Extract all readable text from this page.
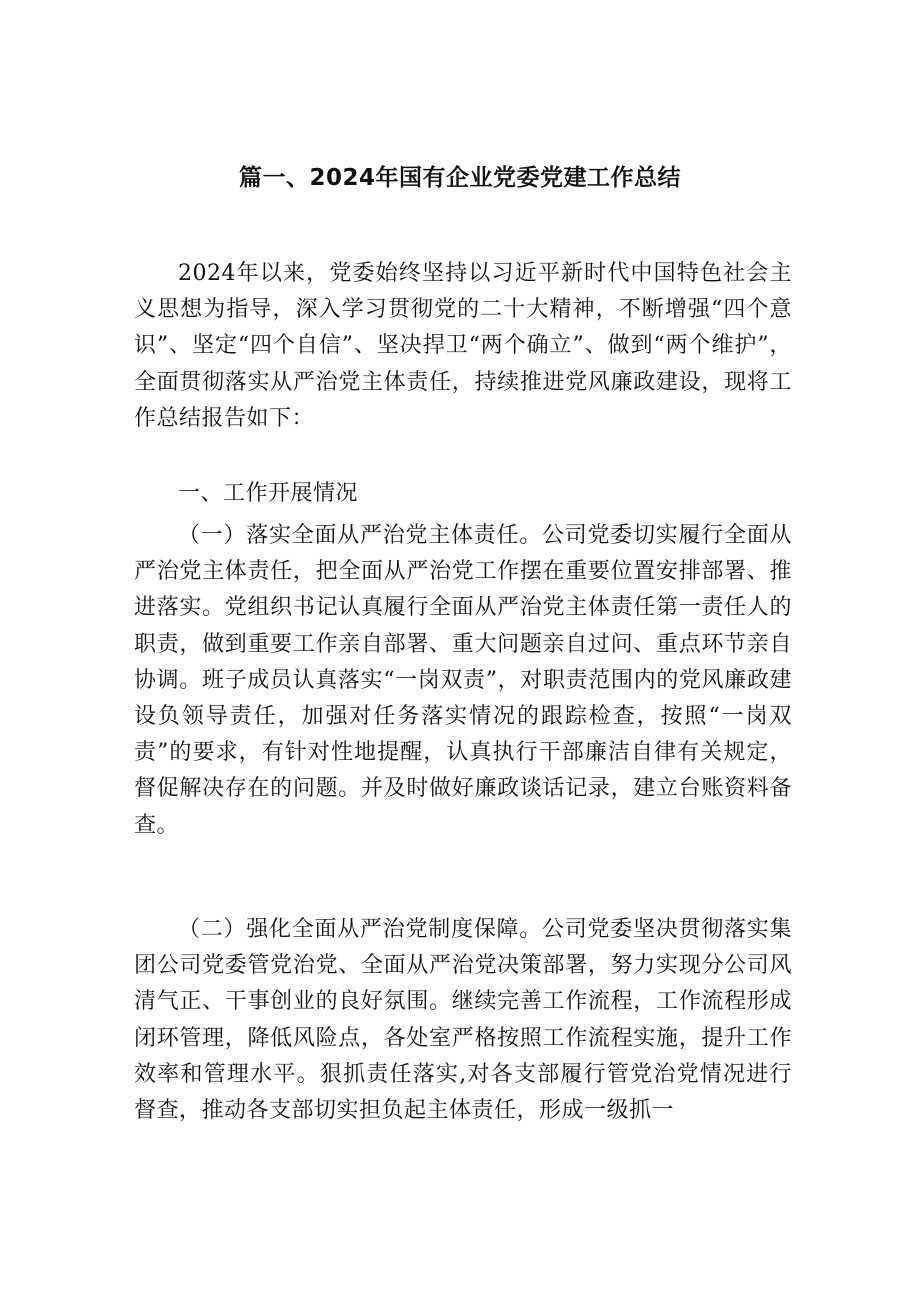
篇一、2024年国有企业党委党建工作总结
2024年以来，党委始终坚持以习近平新时代中国特色社会主义思想为指导，深入学习贯彻党的二十大精神，不断增强“四个意识”、坚定“四个自信”、坚决捍卫“两个确立”、做到“两个维护”，全面贯彻落实从严治党主体责任，持续推进党风廉政建设，现将工作总结报告如下：
一、工作开展情况
（一）落实全面从严治党主体责任。公司党委切实履行全面从严治党主体责任，把全面从严治党工作摆在重要位置安排部署、推进落实。党组织书记认真履行全面从严治党主体责任第一责任人的职责，做到重要工作亲自部署、重大问题亲自过问、重点环节亲自协调。班子成员认真落实“一岗双责”，对职责范围内的党风廉政建设负领导责任，加强对任务落实情况的跟踪检查，按照“一岗双责”的要求，有针对性地提醒，认真执行干部廉洁自律有关规定，督促解决存在的问题。并及时做好廉政谈话记录，建立台账资料备查。
（二）强化全面从严治党制度保障。公司党委坚决贯彻落实集团公司党委管党治党、全面从严治党决策部署，努力实现分公司风清气正、干事创业的良好氛围。继续完善工作流程，工作流程形成闭环管理，降低风险点，各处室严格按照工作流程实施，提升工作效率和管理水平。狠抓责任落实,对各支部履行管党治党情况进行督查，推动各支部切实担负起主体责任，形成一级抓一
